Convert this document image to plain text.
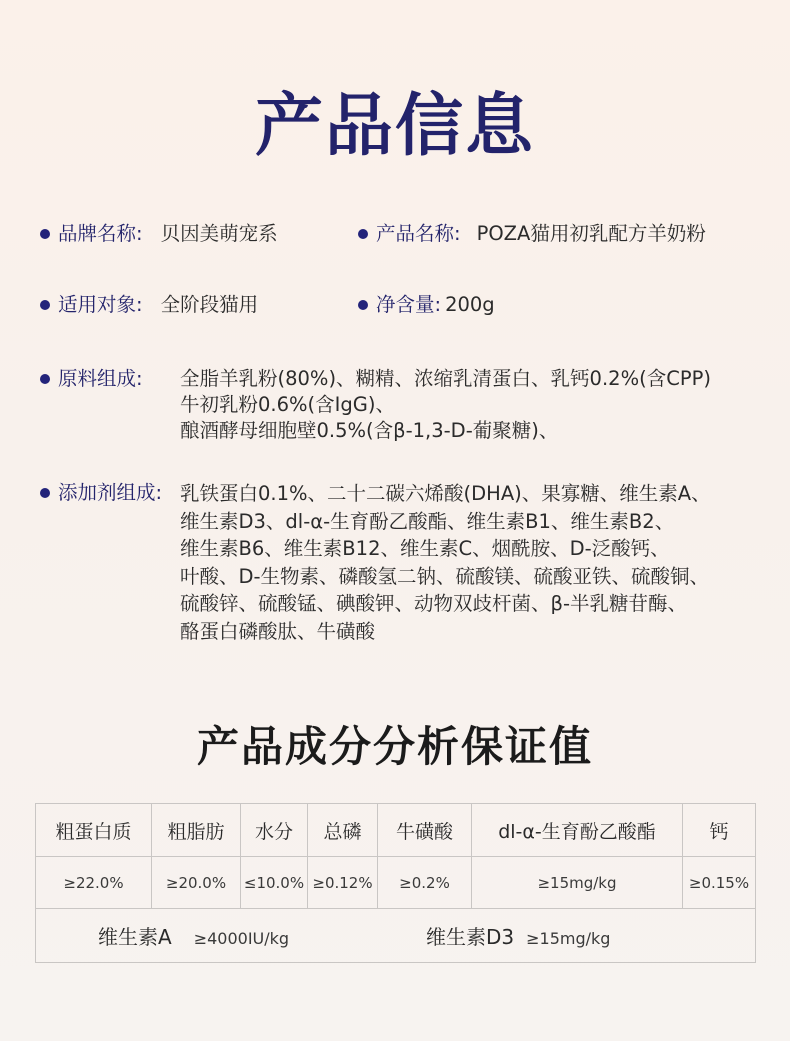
产品信息
品牌名称: 贝因美萌宠系	产品名称: POZA猫用初乳配方羊奶粉
适用对象: 全阶段猫用	净含量: 200g
原料组成:	全脂羊乳粉(80%)、糊精、浓缩乳清蛋白、乳钙0.2%(含CPP)
牛初乳粉0.6%(含IgG)、
酿酒酵母细胞壁0.5%(含β-1,3-D-葡聚糖)、
添加剂组成: 乳铁蛋白0.1%、二十二碳六烯酸(DHA)、果寡糖、维生素A、
维生素D3、dl-α-生育酚乙酸酯、维生素B1、维生素B2、
维生素B6、维生素B12、维生素C、烟酰胺、D-泛酸钙、
叶酸、D-生物素、磷酸氢二钠、硫酸镁、硫酸亚铁、硫酸铜、
硫酸锌、硫酸锰、碘酸钾、动物双歧杆菌、β-半乳糖苷酶、
酪蛋白磷酸肽、牛磺酸
产品成分分析保证值
粗蛋白质	粗脂肪	水分	总磷	牛磺酸	dl-α-生育酚乙酸酯	钙
≥22.0%	≥20.0%	≤10.0%	≥0.12%	≥0.2%	≥15mg/kg	≥0.15%
维生素A ≥4000IU/kg 维生素D3 ≥15mg/kg						
